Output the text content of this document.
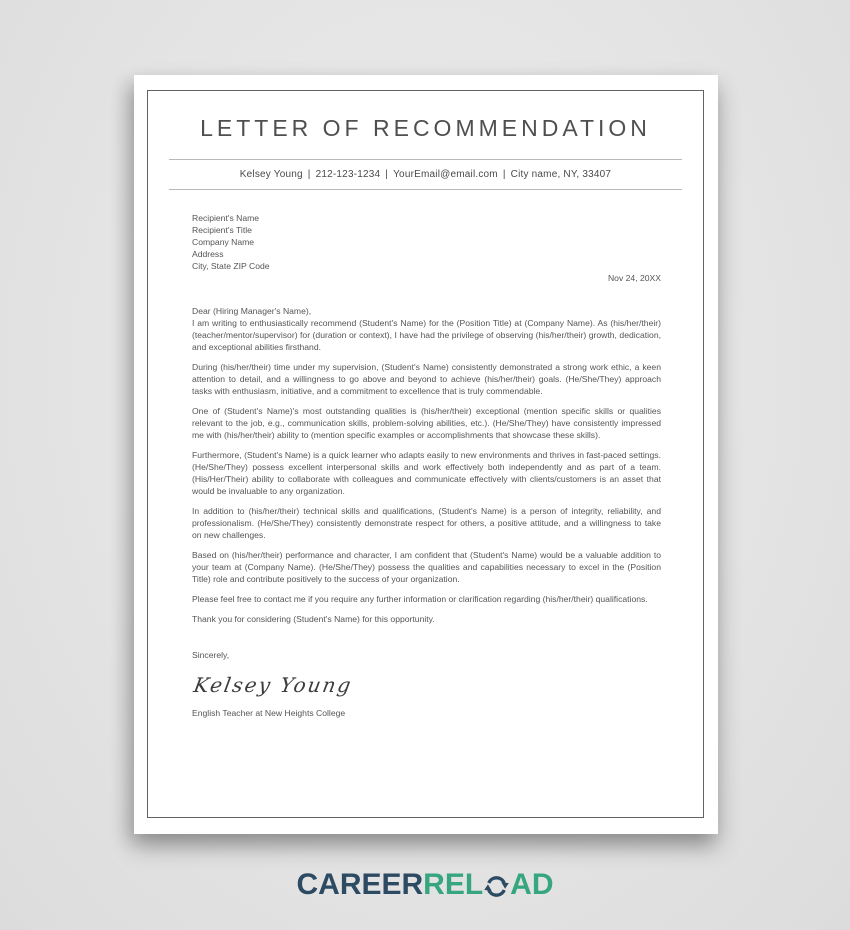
LETTER OF RECOMMENDATION
Kelsey Young | 212-123-1234 | YourEmail@email.com | City name, NY, 33407
Recipient's Name
Recipient's Title
Company Name
Address
City, State ZIP Code
Nov 24, 20XX
Dear (Hiring Manager's Name),

I am writing to enthusiastically recommend (Student's Name) for the (Position Title) at (Company Name). As (his/her/their) (teacher/mentor/supervisor) for (duration or context), I have had the privilege of observing (his/her/their) growth, dedication, and exceptional abilities firsthand.

During (his/her/their) time under my supervision, (Student's Name) consistently demonstrated a strong work ethic, a keen attention to detail, and a willingness to go above and beyond to achieve (his/her/their) goals. (He/She/They) approach tasks with enthusiasm, initiative, and a commitment to excellence that is truly commendable.

One of (Student's Name)'s most outstanding qualities is (his/her/their) exceptional (mention specific skills or qualities relevant to the job, e.g., communication skills, problem-solving abilities, etc.). (He/She/They) have consistently impressed me with (his/her/their) ability to (mention specific examples or accomplishments that showcase these skills).

Furthermore, (Student's Name) is a quick learner who adapts easily to new environments and thrives in fast-paced settings. (He/She/They) possess excellent interpersonal skills and work effectively both independently and as part of a team. (His/Her/Their) ability to collaborate with colleagues and communicate effectively with clients/customers is an asset that would be invaluable to any organization.

In addition to (his/her/their) technical skills and qualifications, (Student's Name) is a person of integrity, reliability, and professionalism. (He/She/They) consistently demonstrate respect for others, a positive attitude, and a willingness to take on new challenges.

Based on (his/her/their) performance and character, I am confident that (Student's Name) would be a valuable addition to your team at (Company Name). (He/She/They) possess the qualities and capabilities necessary to excel in the (Position Title) role and contribute positively to the success of your organization.

Please feel free to contact me if you require any further information or clarification regarding (his/her/their) qualifications.

Thank you for considering (Student's Name) for this opportunity.

Sincerely,
Kelsey Young
English Teacher at New Heights College
CAREER REL AD
